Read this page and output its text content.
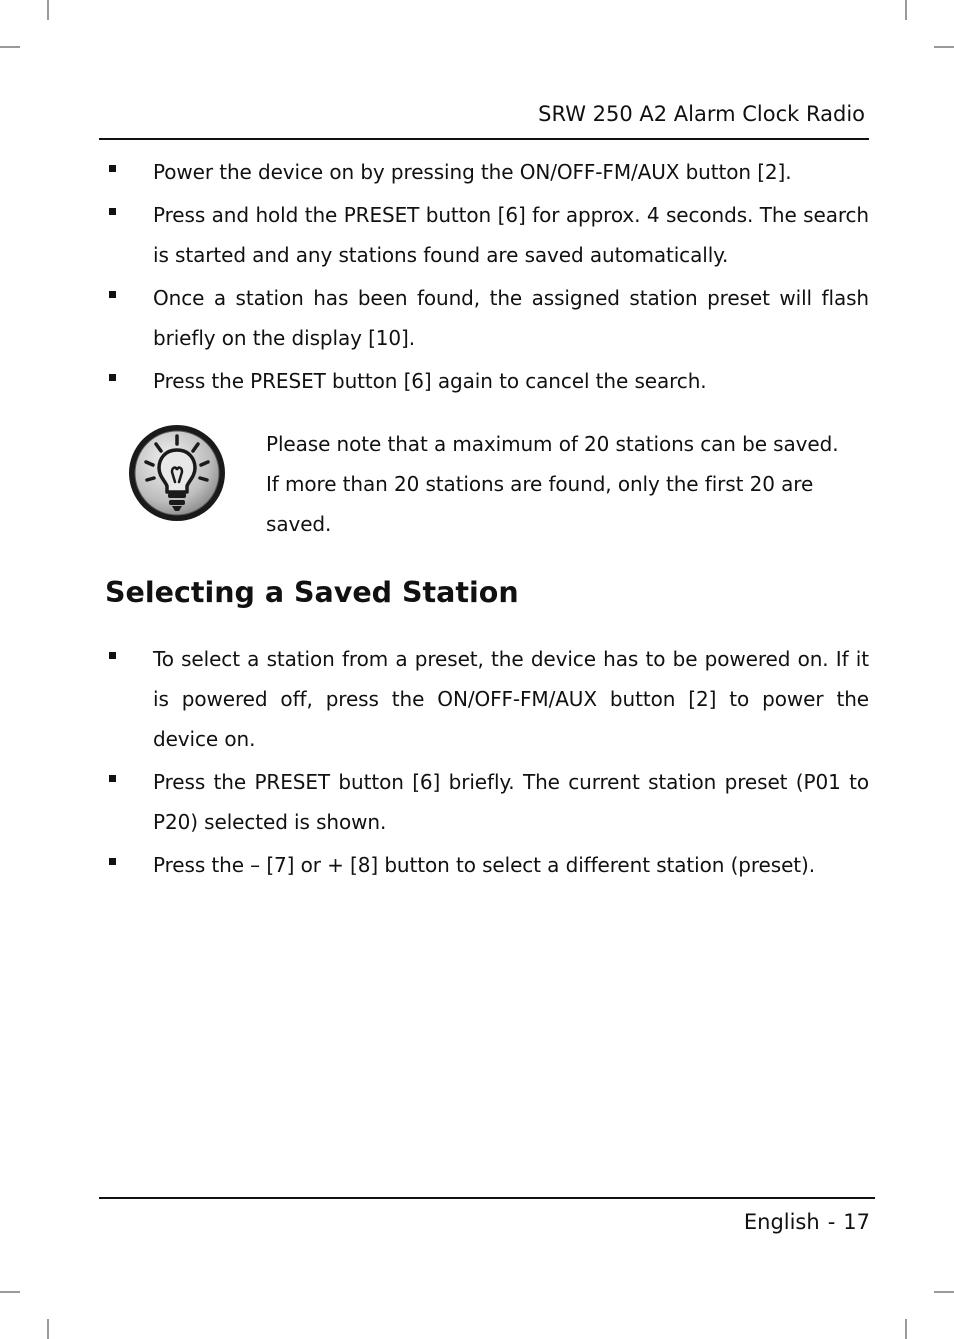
SRW 250 A2 Alarm Clock Radio

Power the device on by pressing the ON/OFF-FM/AUX button [2].

Press and hold the PRESET button [6] for approx. 4 seconds. The search is started and any stations found are saved automatically.

Once a station has been found, the assigned station preset will flash briefly on the display [10].

Press the PRESET button [6] again to cancel the search.

Please note that a maximum of 20 stations can be saved.
If more than 20 stations are found, only the first 20 are
saved.
Selecting a Saved Station

To select a station from a preset, the device has to be powered on. If it is powered off, press the ON/OFF-FM/AUX button [2] to power the device on.

Press the PRESET button [6] briefly. The current station preset (P01 to P20) selected is shown.

Press the – [7] or + [8] button to select a different station (preset).

English - 17
